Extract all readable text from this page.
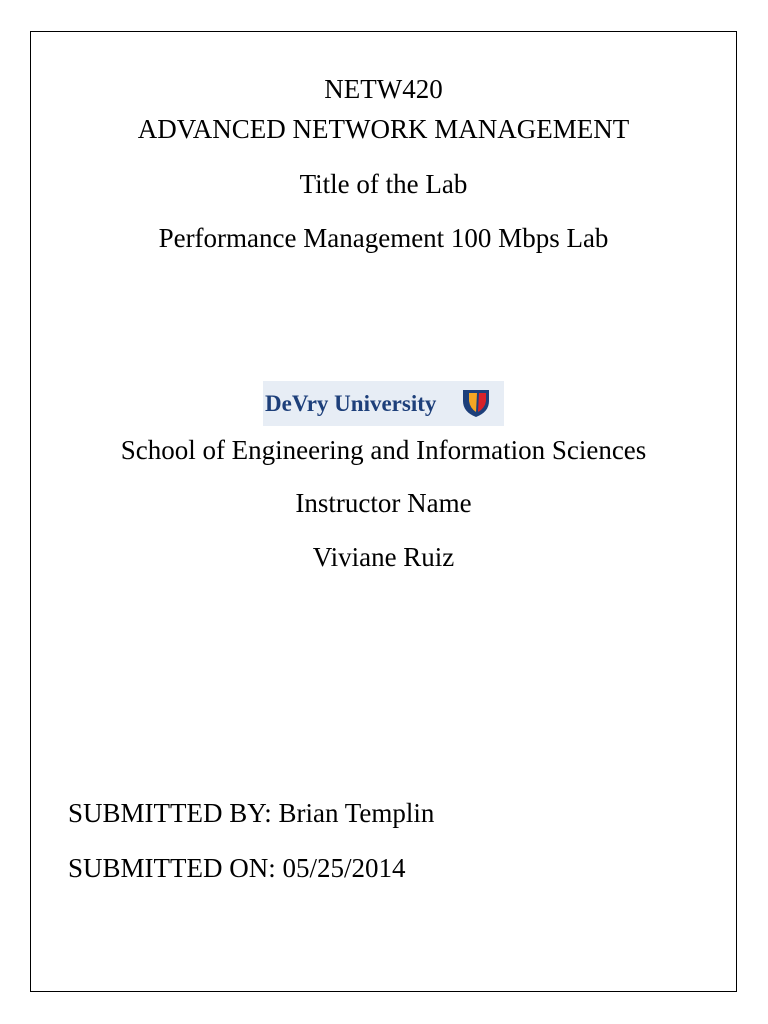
NETW420
ADVANCED NETWORK MANAGEMENT
Title of the Lab
Performance Management 100 Mbps Lab
DeVry University
School of Engineering and Information Sciences
Instructor Name
Viviane Ruiz
SUBMITTED BY: Brian Templin
SUBMITTED ON: 05/25/2014
